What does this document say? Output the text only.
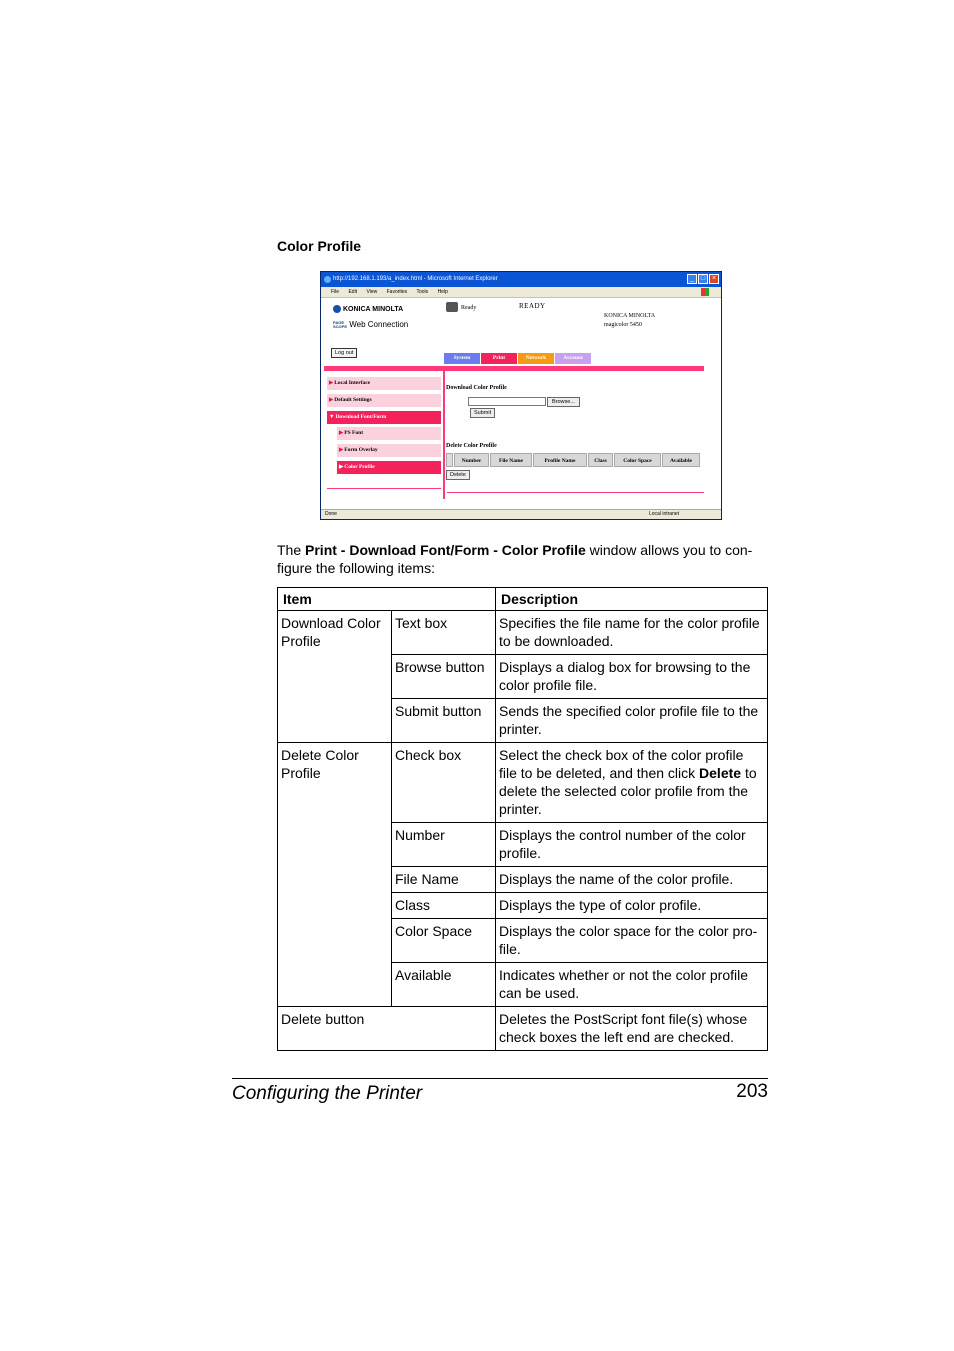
Color Profile
http://192.168.1.193/a_index.html - Microsoft Internet Explorer	_ □ ×
File Edit View Favorites Tools Help
KONICA MINOLTA
PAGE
SCOPE Web Connection
Ready	READY
KONICA MINOLTA
magicolor 5450
Log out
System	Print	Network	Account
▶Local Interface
▶Default Settings
▼Download Font/Form
▶PS Font
▶Form Overlay
▶Color Profile
Download Color Profile
Browse...
Submit
Delete Color Profile
Number	File Name	Profile Name	Class	Color Space	Available
Delete
Done	Local intranet
The Print - Download Font/Form - Color Profile window allows you to con-figure the following items:
Item		Description
Download Color Profile	Text box	Specifies the file name for the color profile to be downloaded.
	Browse button	Displays a dialog box for browsing to the color profile file.
	Submit button	Sends the specified color profile file to the printer.
Delete Color Profile	Check box	Select the check box of the color profile file to be deleted, and then click Delete to delete the selected color profile from the printer.
	Number	Displays the control number of the color profile.
	File Name	Displays the name of the color profile.
	Class	Displays the type of color profile.
	Color Space	Displays the color space for the color pro-file.
	Available	Indicates whether or not the color profile can be used.
Delete button		Deletes the PostScript font file(s) whose check boxes the left end are checked.
Configuring the Printer	203
